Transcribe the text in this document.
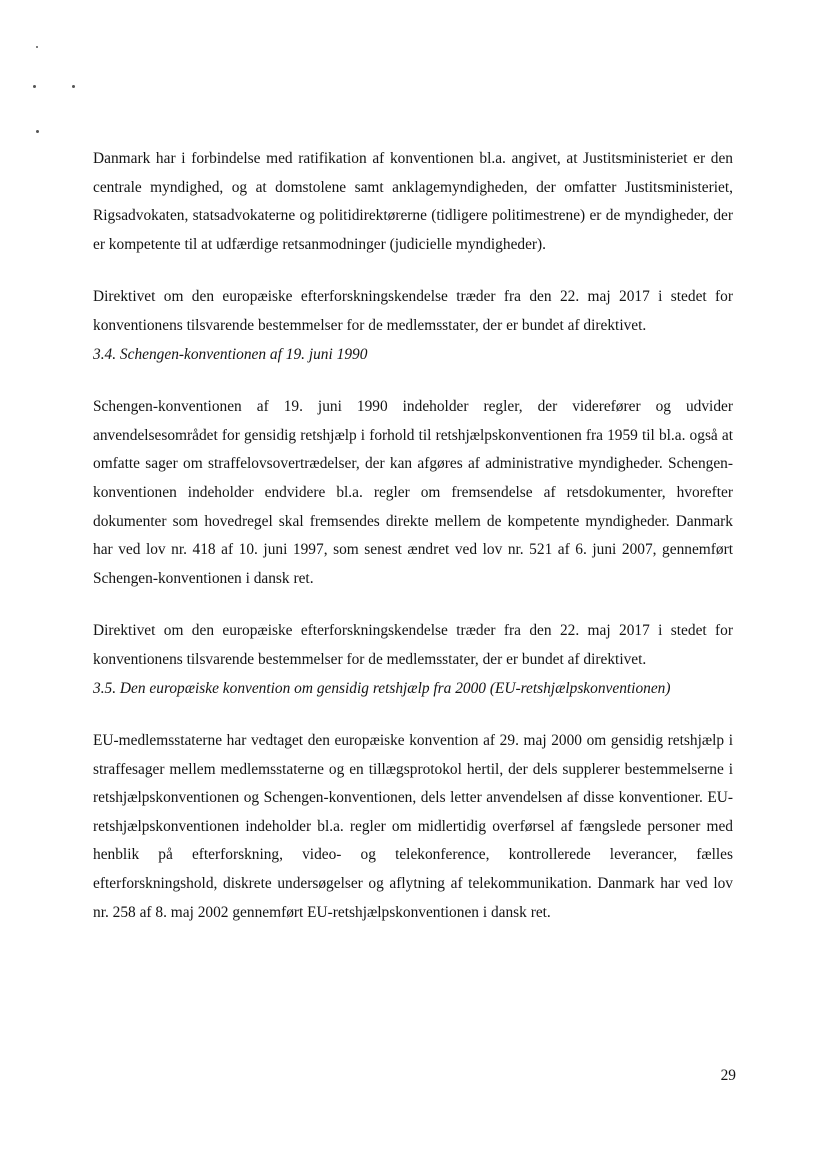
Danmark har i forbindelse med ratifikation af konventionen bl.a. angivet, at Justitsministeriet er den centrale myndighed, og at domstolene samt anklagemyndigheden, der omfatter Justitsministeriet, Rigsadvokaten, statsadvokaterne og politidirektørerne (tidligere politimestrene) er de myndigheder, der er kompetente til at udfærdige retsanmodninger (judicielle myndigheder).

Direktivet om den europæiske efterforskningskendelse træder fra den 22. maj 2017 i stedet for konventionens tilsvarende bestemmelser for de medlemsstater, der er bundet af direktivet.

3.4. Schengen-konventionen af 19. juni 1990

Schengen-konventionen af 19. juni 1990 indeholder regler, der viderefører og udvider anvendelsesområdet for gensidig retshjælp i forhold til retshjælpskonventionen fra 1959 til bl.a. også at omfatte sager om straffelovsovertrædelser, der kan afgøres af administrative myndigheder. Schengen-konventionen indeholder endvidere bl.a. regler om fremsendelse af retsdokumenter, hvorefter dokumenter som hovedregel skal fremsendes direkte mellem de kompetente myndigheder. Danmark har ved lov nr. 418 af 10. juni 1997, som senest ændret ved lov nr. 521 af 6. juni 2007, gennemført Schengen-konventionen i dansk ret.

Direktivet om den europæiske efterforskningskendelse træder fra den 22. maj 2017 i stedet for konventionens tilsvarende bestemmelser for de medlemsstater, der er bundet af direktivet.

3.5. Den europæiske konvention om gensidig retshjælp fra 2000 (EU-retshjælpskonventionen)

EU-medlemsstaterne har vedtaget den europæiske konvention af 29. maj 2000 om gensidig retshjælp i straffesager mellem medlemsstaterne og en tillægsprotokol hertil, der dels supplerer bestemmelserne i retshjælpskonventionen og Schengen-konventionen, dels letter anvendelsen af disse konventioner. EU-retshjælpskonventionen indeholder bl.a. regler om midlertidig overførsel af fængslede personer med henblik på efterforskning, video- og telekonference, kontrollerede leverancer, fælles efterforskningshold, diskrete undersøgelser og aflytning af telekommunikation. Danmark har ved lov nr. 258 af 8. maj 2002 gennemført EU-retshjælpskonventionen i dansk ret.

29
